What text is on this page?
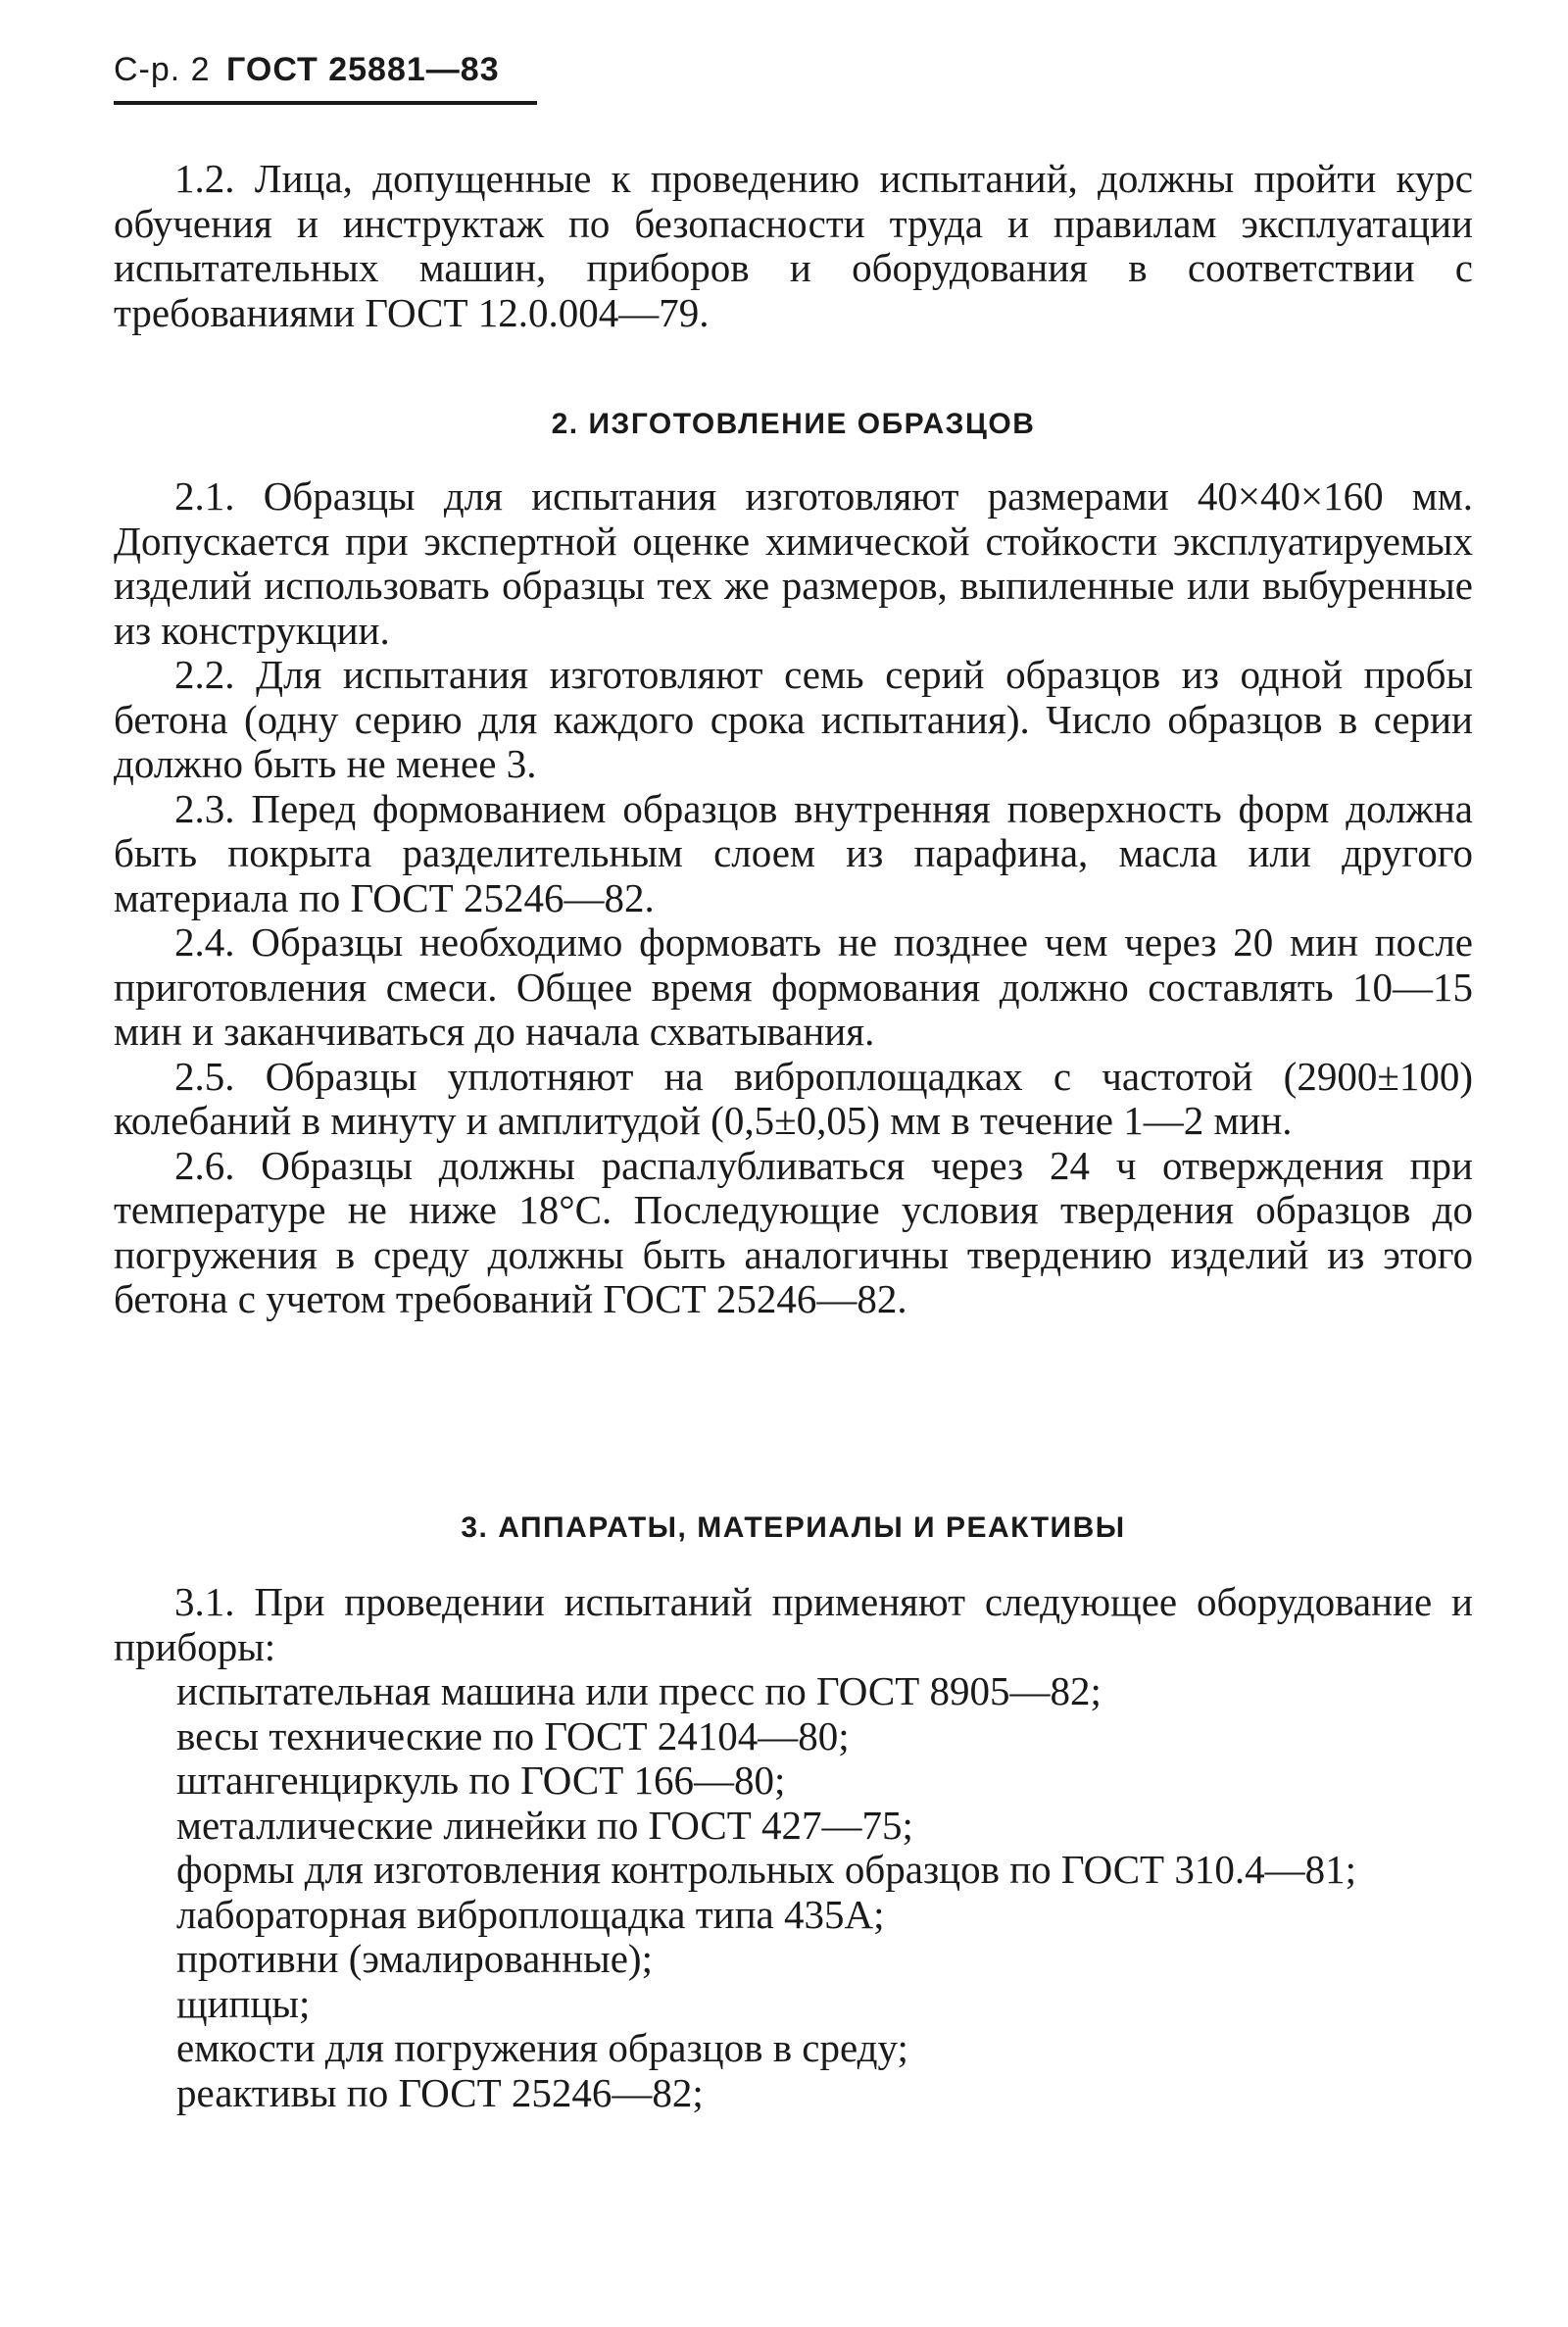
С-р. 2 ГОСТ 25881—83

1.2. Лица, допущенные к проведению испытаний, должны пройти курс обучения и инструктаж по безопасности труда и правилам эксплуатации испытательных машин, приборов и оборудования в соответствии с требованиями ГОСТ 12.0.004—79.

2. ИЗГОТОВЛЕНИЕ ОБРАЗЦОВ

2.1. Образцы для испытания изготовляют размерами 40×40×160 мм. Допускается при экспертной оценке химической стойкости эксплуатируемых изделий использовать образцы тех же размеров, выпиленные или выбуренные из конструкции.

2.2. Для испытания изготовляют семь серий образцов из одной пробы бетона (одну серию для каждого срока испытания). Число образцов в серии должно быть не менее 3.

2.3. Перед формованием образцов внутренняя поверхность форм должна быть покрыта разделительным слоем из парафина, масла или другого материала по ГОСТ 25246—82.

2.4. Образцы необходимо формовать не позднее чем через 20 мин после приготовления смеси. Общее время формования должно составлять 10—15 мин и заканчиваться до начала схватывания.

2.5. Образцы уплотняют на виброплощадках с частотой (2900±100) колебаний в минуту и амплитудой (0,5±0,05) мм в течение 1—2 мин.

2.6. Образцы должны распалубливаться через 24 ч отверждения при температуре не ниже 18°С. Последующие условия твердения образцов до погружения в среду должны быть аналогичны твердению изделий из этого бетона с учетом требований ГОСТ 25246—82.

3. АППАРАТЫ, МАТЕРИАЛЫ И РЕАКТИВЫ

3.1. При проведении испытаний применяют следующее оборудование и приборы:

испытательная машина или пресс по ГОСТ 8905—82;

весы технические по ГОСТ 24104—80;

штангенциркуль по ГОСТ 166—80;

металлические линейки по ГОСТ 427—75;

формы для изготовления контрольных образцов по ГОСТ 310.4—81;

лабораторная виброплощадка типа 435А;

противни (эмалированные);

щипцы;

емкости для погружения образцов в среду;

реактивы по ГОСТ 25246—82;
